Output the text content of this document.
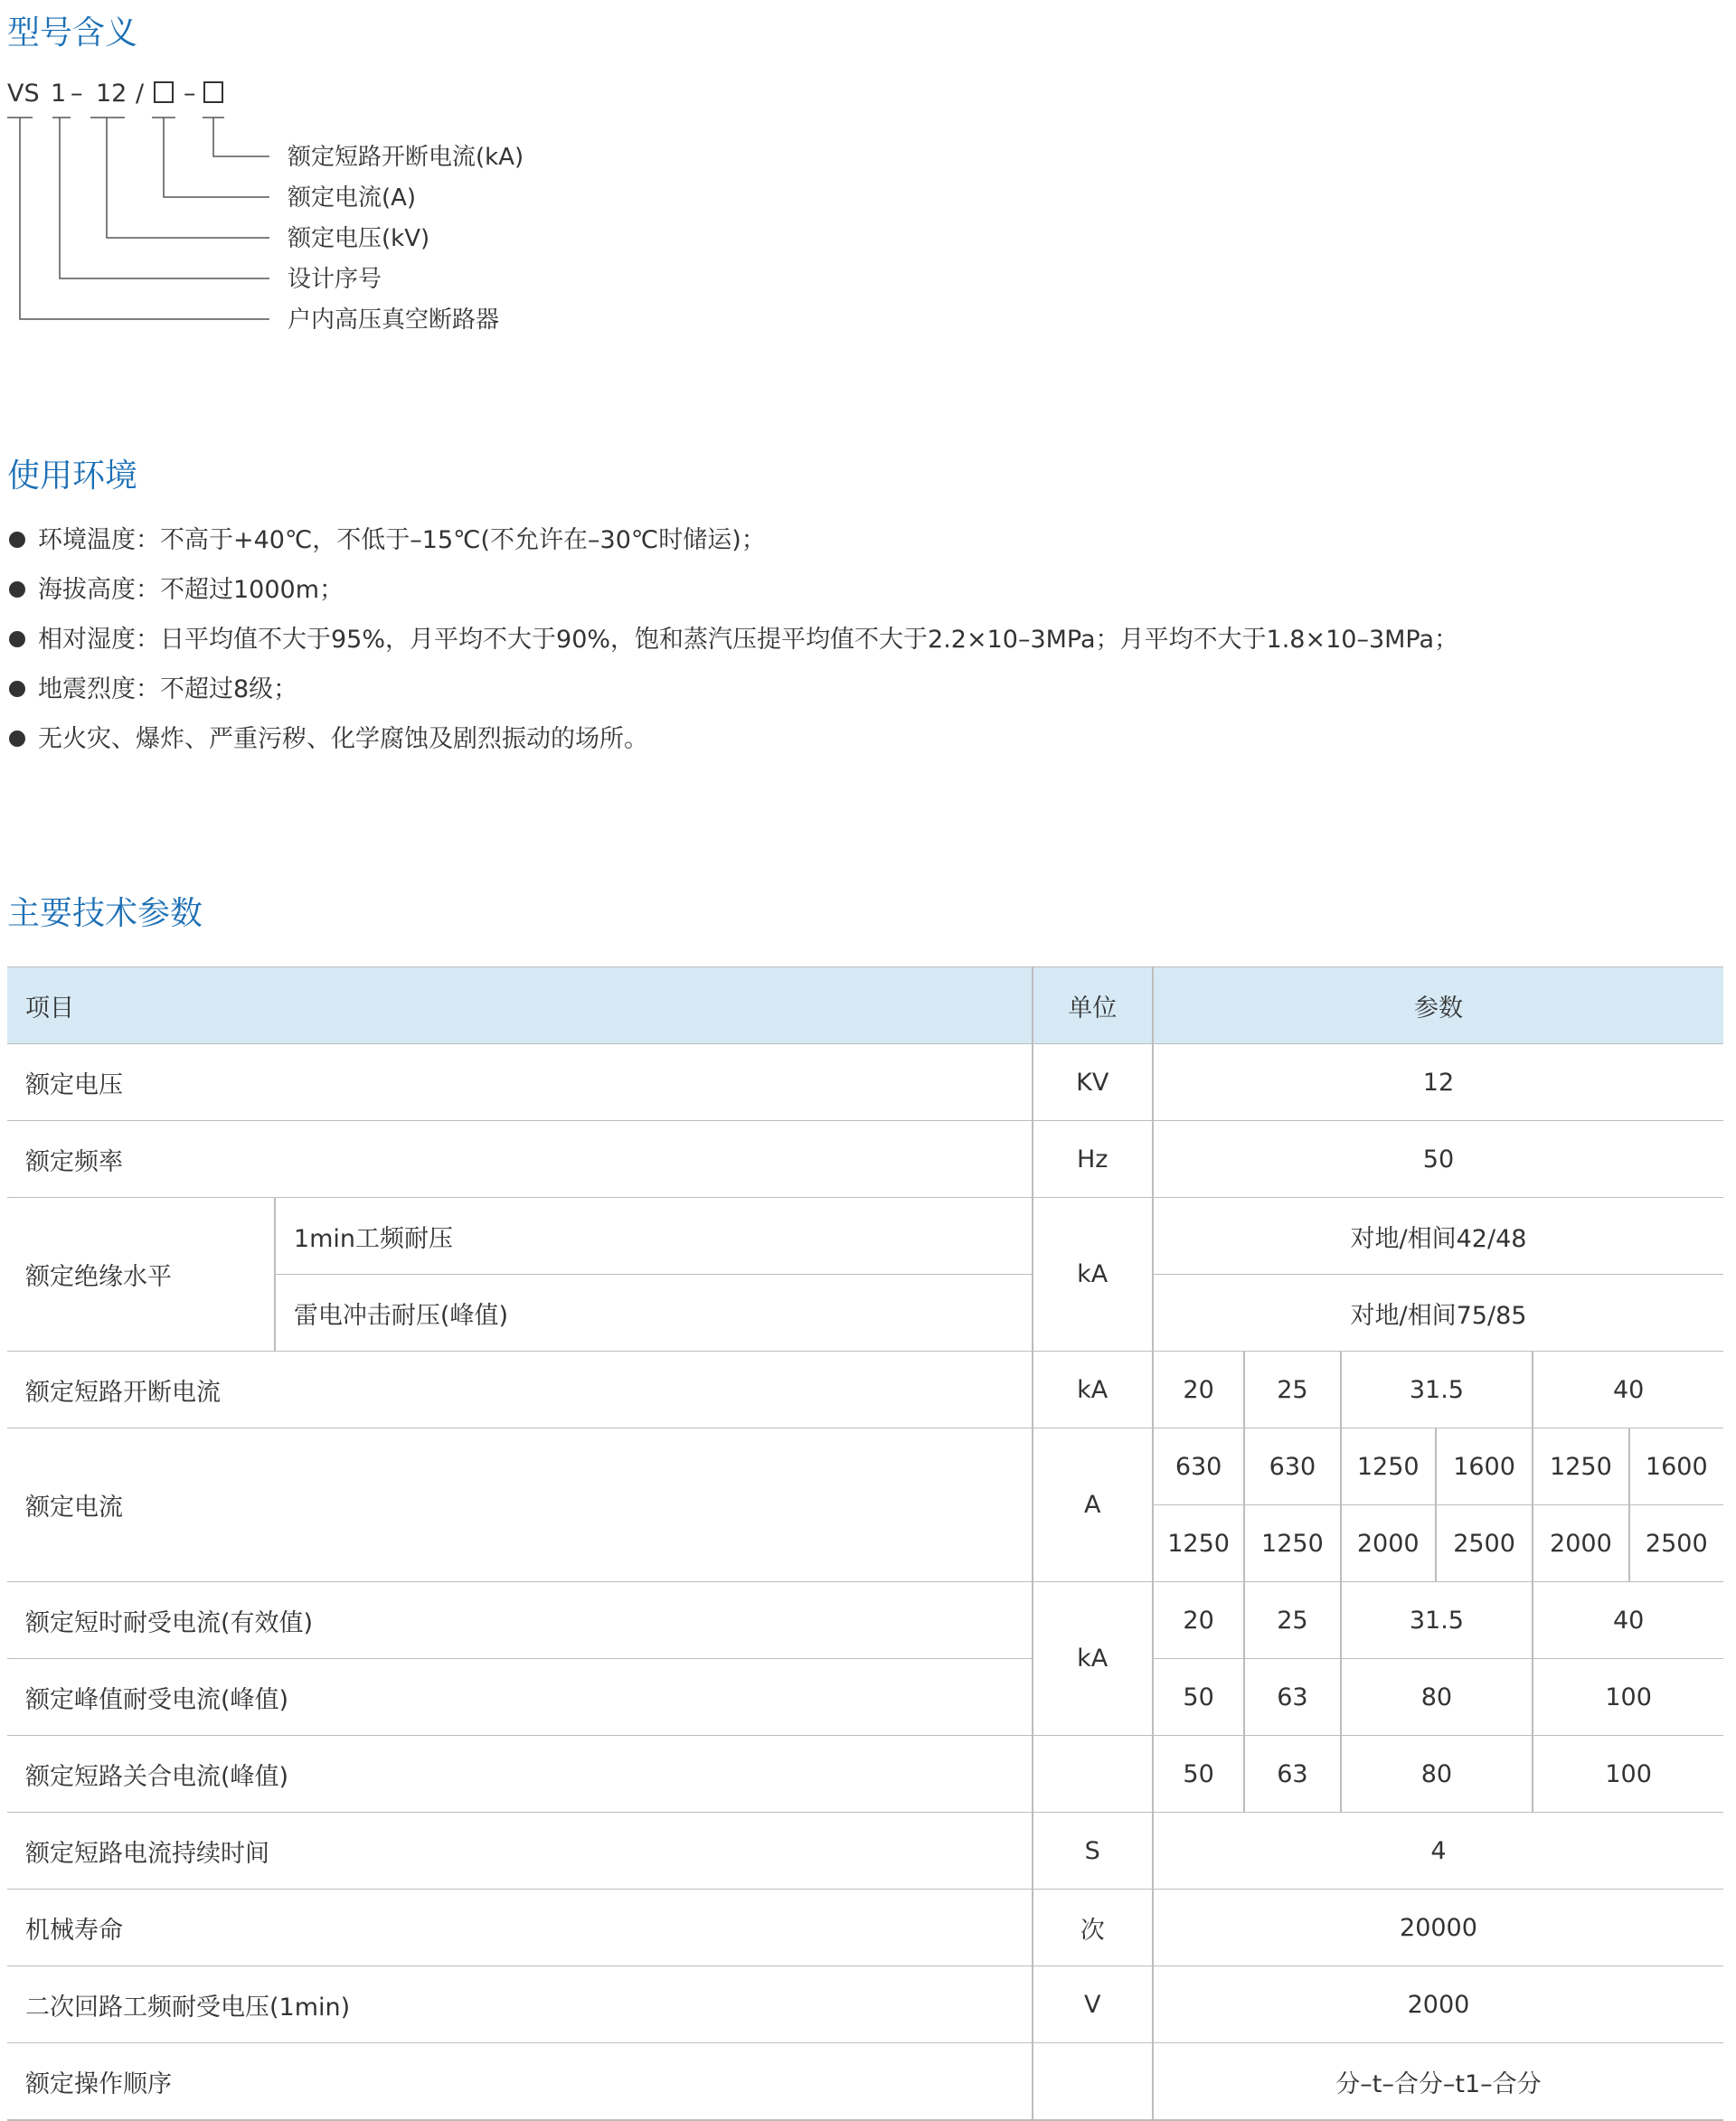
型号含义
VS 1 – 12 / –
额定短路开断电流(kA)
额定电流(A)
额定电压(kV)
设计序号
户内高压真空断路器
使用环境
环境温度：不高于+40℃，不低于–15℃(不允许在–30℃时储运)；
海拔高度：不超过1000m；
相对湿度：日平均值不大于95%，月平均不大于90%，饱和蒸汽压提平均值不大于2.2×10–3MPa；月平均不大于1.8×10–3MPa；
地震烈度：不超过8级；
无火灾、爆炸、严重污秽、化学腐蚀及剧烈振动的场所。
主要技术参数
项目		单位	参数					
额定电压		KV	12					
额定频率		Hz	50					
额定绝缘水平	1min工频耐压	kA	对地/相间42/48					
	雷电冲击耐压(峰值)		对地/相间75/85					
额定短路开断电流		kA	20	25	31.5		40	
额定电流		A	630	630	1250	1600	1250	1600
			1250	1250	2000	2500	2000	2500
额定短时耐受电流(有效值)		kA	20	25	31.5		40	
额定峰值耐受电流(峰值)			50	63	80		100	
额定短路关合电流(峰值)			50	63	80		100	
额定短路电流持续时间		S	4					
机械寿命		次	20000					
二次回路工频耐受电压(1min)		V	2000					
额定操作顺序			分–t–合分–t1–合分					
